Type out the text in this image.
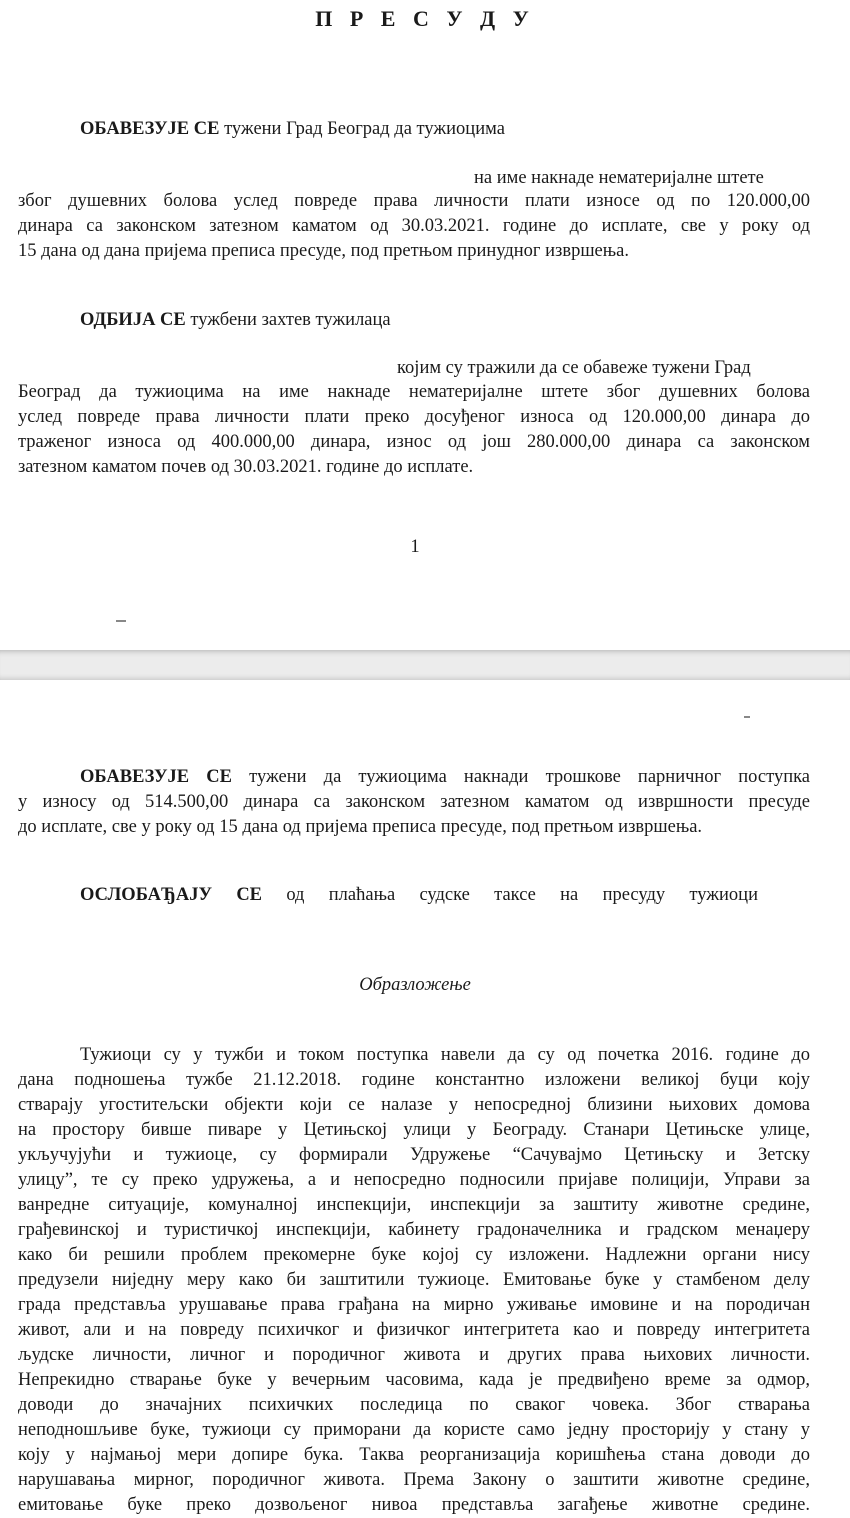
П Р Е С У Д У

ОБАВЕЗУЈЕ СЕ тужени Град Београд да тужиоцима

на име накнаде нематеријалне штете
због душевних болова услед повреде права личности плати износе од по 120.000,00
динара са законском затезном каматом од 30.03.2021. године до исплате, све у року од
15 дана од дана пријема преписа пресуде, под претњом принудног извршења.

ОДБИЈА СЕ тужбени захтев тужилаца

којим су тражили да се обавеже тужени Град
Београд да тужиоцима на име накнаде нематеријалне штете због душевних болова
услед повреде права личности плати преко досуђеног износа од 120.000,00 динара до
траженог износа од 400.000,00 динара, износ од још 280.000,00 динара са законском
затезном каматом почев од 30.03.2021. године до исплате.
1
ОБАВЕЗУЈЕ СЕ тужени да тужиоцима накнади трошкове парничног поступка
у износу од 514.500,00 динара са законском затезном каматом од извршности пресуде
до исплате, све у року од 15 дана од пријема преписа пресуде, под претњом извршења.
ОСЛОБАЂАЈУ СЕ од плаћања судске таксе на пресуду тужиоци
Образложење
Тужиоци су у тужби и током поступка навели да су од почетка 2016. године до
дана подношења тужбе 21.12.2018. године константно изложени великој буци коју
стварају угоститељски објекти који се налазе у непосредној близини њихових домова
на простору бивше пиваре у Цетињској улици у Београду. Станари Цетињске улице,
укључујући и тужиоце, су формирали Удружење “Сачувајмо Цетињску и Зетску
улицу”, те су преко удружења, а и непосредно подносили пријаве полицији, Управи за
ванредне ситуације, комуналној инспекцији, инспекцији за заштиту животне средине,
грађевинској и туристичкој инспекцији, кабинету градоначелника и градском менаџеру
како би решили проблем прекомерне буке којој су изложени. Надлежни органи нису
предузели ниједну меру како би заштитили тужиоце. Емитовање буке у стамбеном делу
града представља урушавање права грађана на мирно уживање имовине и на породичан
живот, али и на повреду психичког и физичког интегритета као и повреду интегритета
људске личности, личног и породичног живота и других права њихових личности.
Непрекидно стварање буке у вечерњим часовима, када је предвиђено време за одмор,
доводи до значајних психичких последица по сваког човека. Због стварања
неподношљиве буке, тужиоци су приморани да користе само једну просторију у стану у
коју у најмањој мери допире бука. Таква реорганизација коришћења стана доводи до
нарушавања мирног, породичног живота. Према Закону о заштити животне средине,
емитовање буке преко дозвољеног нивоа представља загађење животне средине.
